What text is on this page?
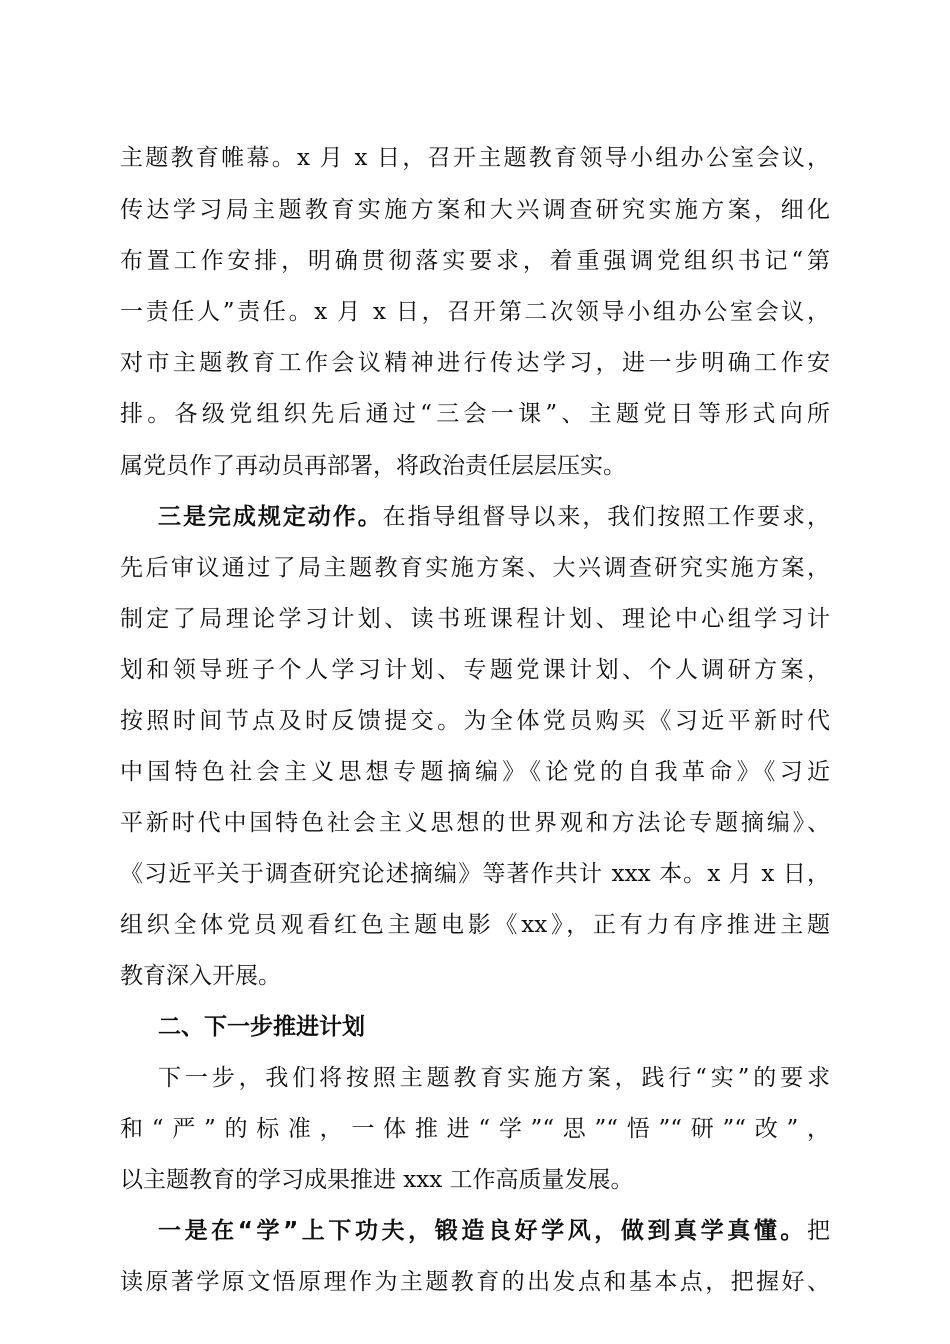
主题教育帷幕。x 月 x 日，召开主题教育领导小组办公室会议，
传达学习局主题教育实施方案和大兴调查研究实施方案，细化
布置工作安排，明确贯彻落实要求，着重强调党组织书记“第
一责任人”责任。x 月 x 日，召开第二次领导小组办公室会议，
对市主题教育工作会议精神进行传达学习，进一步明确工作安
排。各级党组织先后通过“三会一课”、主题党日等形式向所
属党员作了再动员再部署，将政治责任层层压实。
三是完成规定动作。在指导组督导以来，我们按照工作要求，
先后审议通过了局主题教育实施方案、大兴调查研究实施方案，
制定了局理论学习计划、读书班课程计划、理论中心组学习计
划和领导班子个人学习计划、专题党课计划、个人调研方案，
按照时间节点及时反馈提交。为全体党员购买《习近平新时代
中国特色社会主义思想专题摘编》《论党的自我革命》《习近
平新时代中国特色社会主义思想的世界观和方法论专题摘编》、
《习近平关于调查研究论述摘编》等著作共计 xxx 本。x 月 x 日，
组织全体党员观看红色主题电影《xx》，正有力有序推进主题
教育深入开展。
二、下一步推进计划
下一步，我们将按照主题教育实施方案，践行“实”的要求
和“严”的标准，一体推进“学”“思”“悟”“研”“改”，
以主题教育的学习成果推进 xxx 工作高质量发展。
一是在“学”上下功夫，锻造良好学风，做到真学真懂。把
读原著学原文悟原理作为主题教育的出发点和基本点，把握好、
